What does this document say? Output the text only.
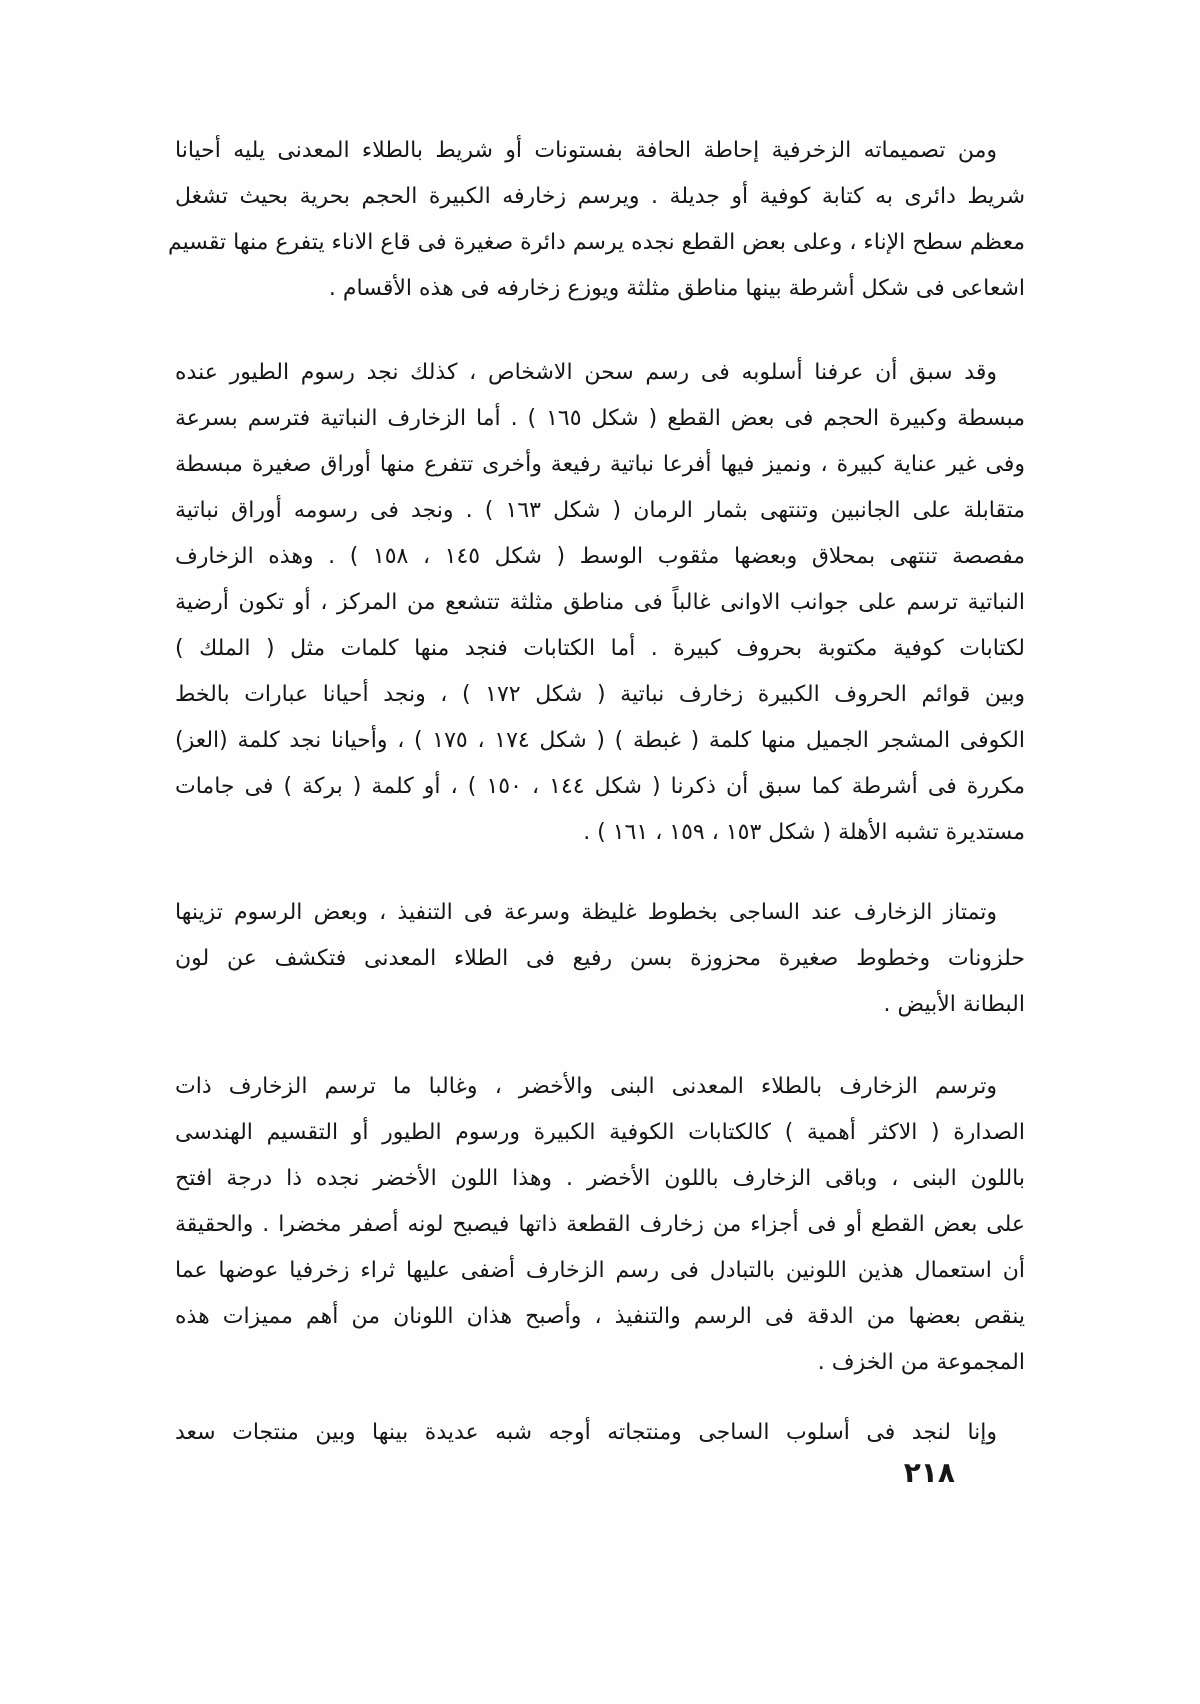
ومن تصميماته الزخرفية إحاطة الحافة بفستونات أو شريط بالطلاء المعدنى يليه أحيانا
شريط دائرى به كتابة كوفية أو جديلة . ويرسم زخارفه الكبيرة الحجم بحرية بحيث تشغل
معظم سطح الإناء ، وعلى بعض القطع نجده يرسم دائرة صغيرة فى قاع الاناء يتفرع منها تقسيم
اشعاعى فى شكل أشرطة بينها مناطق مثلثة ويوزع زخارفه فى هذه الأقسام .
وقد سبق أن عرفنا أسلوبه فى رسم سحن الاشخاص ، كذلك نجد رسوم الطيور عنده
مبسطة وكبيرة الحجم فى بعض القطع ( شكل ١٦٥ ) . أما الزخارف النباتية فترسم بسرعة
وفى غير عناية كبيرة ، ونميز فيها أفرعا نباتية رفيعة وأخرى تتفرع منها أوراق صغيرة مبسطة
متقابلة على الجانبين وتنتهى بثمار الرمان ( شكل ١٦٣ ) . ونجد فى رسومه أوراق نباتية
مفصصة تنتهى بمحلاق وبعضها مثقوب الوسط ( شكل ١٤٥ ، ١٥٨ ) . وهذه الزخارف
النباتية ترسم على جوانب الاوانى غالباً فى مناطق مثلثة تتشعع من المركز ، أو تكون أرضية
لكتابات كوفية مكتوبة بحروف كبيرة . أما الكتابات فنجد منها كلمات مثل ( الملك )
وبين قوائم الحروف الكبيرة زخارف نباتية ( شكل ١٧٢ ) ، ونجد أحيانا عبارات بالخط
الكوفى المشجر الجميل منها كلمة ( غبطة ) ( شكل ١٧٤ ، ١٧٥ ) ، وأحيانا نجد كلمة (العز)
مكررة فى أشرطة كما سبق أن ذكرنا ( شكل ١٤٤ ، ١٥٠ ) ، أو كلمة ( بركة ) فى جامات
مستديرة تشبه الأهلة ( شكل ١٥٣ ، ١٥٩ ، ١٦١ ) .
وتمتاز الزخارف عند الساجى بخطوط غليظة وسرعة فى التنفيذ ، وبعض الرسوم تزينها
حلزونات وخطوط صغيرة محزوزة بسن رفيع فى الطلاء المعدنى فتكشف عن لون
البطانة الأبيض .
وترسم الزخارف بالطلاء المعدنى البنى والأخضر ، وغالبا ما ترسم الزخارف ذات
الصدارة ( الاكثر أهمية ) كالكتابات الكوفية الكبيرة ورسوم الطيور أو التقسيم الهندسى
باللون البنى ، وباقى الزخارف باللون الأخضر . وهذا اللون الأخضر نجده ذا درجة افتح
على بعض القطع أو فى أجزاء من زخارف القطعة ذاتها فيصبح لونه أصفر مخضرا . والحقيقة
أن استعمال هذين اللونين بالتبادل فى رسم الزخارف أضفى عليها ثراء زخرفيا عوضها عما
ينقص بعضها من الدقة فى الرسم والتنفيذ ، وأصبح هذان اللونان من أهم مميزات هذه
المجموعة من الخزف .
وإنا لنجد فى أسلوب الساجى ومنتجاته أوجه شبه عديدة بينها وبين منتجات سعد
٢١٨
